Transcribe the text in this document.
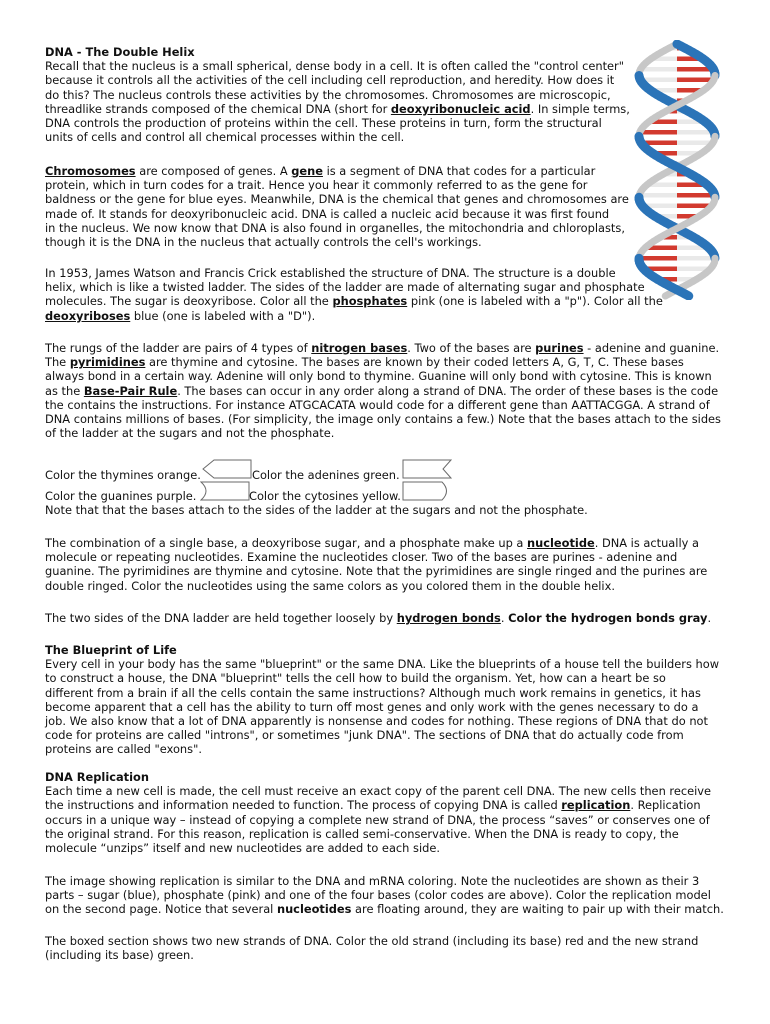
DNA - The Double Helix
Recall that the nucleus is a small spherical, dense body in a cell. It is often called the "control center"
because it controls all the activities of the cell including cell reproduction, and heredity. How does it
do this? The nucleus controls these activities by the chromosomes. Chromosomes are microscopic,
threadlike strands composed of the chemical DNA (short for deoxyribonucleic acid. In simple terms,
DNA controls the production of proteins within the cell. These proteins in turn, form the structural
units of cells and control all chemical processes within the cell.
Chromosomes are composed of genes. A gene is a segment of DNA that codes for a particular
protein, which in turn codes for a trait. Hence you hear it commonly referred to as the gene for
baldness or the gene for blue eyes. Meanwhile, DNA is the chemical that genes and chromosomes are
made of. It stands for deoxyribonucleic acid. DNA is called a nucleic acid because it was first found
in the nucleus. We now know that DNA is also found in organelles, the mitochondria and chloroplasts,
though it is the DNA in the nucleus that actually controls the cell's workings.
In 1953, James Watson and Francis Crick established the structure of DNA. The structure is a double
helix, which is like a twisted ladder. The sides of the ladder are made of alternating sugar and phosphate
molecules. The sugar is deoxyribose. Color all the phosphates pink (one is labeled with a "p"). Color all the
deoxyriboses blue (one is labeled with a "D").
The rungs of the ladder are pairs of 4 types of nitrogen bases. Two of the bases are purines - adenine and guanine.
The pyrimidines are thymine and cytosine. The bases are known by their coded letters A, G, T, C. These bases
always bond in a certain way. Adenine will only bond to thymine. Guanine will only bond with cytosine. This is known
as the Base-Pair Rule. The bases can occur in any order along a strand of DNA. The order of these bases is the code
the contains the instructions. For instance ATGCACATA would code for a different gene than AATTACGGA. A strand of
DNA contains millions of bases. (For simplicity, the image only contains a few.) Note that the bases attach to the sides
of the ladder at the sugars and not the phosphate.
Color the thymines orange.	Color the adenines green.
Color the guanines purple.	Color the cytosines yellow.
Note that that the bases attach to the sides of the ladder at the sugars and not the phosphate.
The combination of a single base, a deoxyribose sugar, and a phosphate make up a nucleotide. DNA is actually a
molecule or repeating nucleotides. Examine the nucleotides closer. Two of the bases are purines - adenine and
guanine. The pyrimidines are thymine and cytosine. Note that the pyrimidines are single ringed and the purines are
double ringed. Color the nucleotides using the same colors as you colored them in the double helix.
The two sides of the DNA ladder are held together loosely by hydrogen bonds. Color the hydrogen bonds gray.
The Blueprint of Life
Every cell in your body has the same "blueprint" or the same DNA. Like the blueprints of a house tell the builders how
to construct a house, the DNA "blueprint" tells the cell how to build the organism. Yet, how can a heart be so
different from a brain if all the cells contain the same instructions? Although much work remains in genetics, it has
become apparent that a cell has the ability to turn off most genes and only work with the genes necessary to do a
job. We also know that a lot of DNA apparently is nonsense and codes for nothing. These regions of DNA that do not
code for proteins are called "introns", or sometimes "junk DNA". The sections of DNA that do actually code from
proteins are called "exons".
DNA Replication
Each time a new cell is made, the cell must receive an exact copy of the parent cell DNA. The new cells then receive
the instructions and information needed to function. The process of copying DNA is called replication. Replication
occurs in a unique way – instead of copying a complete new strand of DNA, the process “saves” or conserves one of
the original strand. For this reason, replication is called semi-conservative. When the DNA is ready to copy, the
molecule “unzips” itself and new nucleotides are added to each side.
The image showing replication is similar to the DNA and mRNA coloring. Note the nucleotides are shown as their 3
parts – sugar (blue), phosphate (pink) and one of the four bases (color codes are above). Color the replication model
on the second page. Notice that several nucleotides are floating around, they are waiting to pair up with their match.
The boxed section shows two new strands of DNA. Color the old strand (including its base) red and the new strand
(including its base) green.
